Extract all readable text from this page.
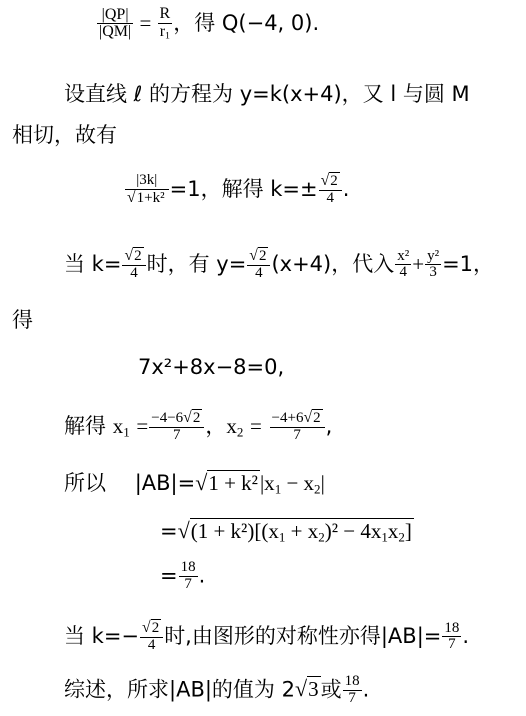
$\frac{|QP|}{|QM|} = \frac{R}{r_1}$ ，得 Q(−4, 0).
设直线 ℓ 的方程为 y=k(x+4)，又 l 与圆 M
相切，故有
$\frac{|3k|}{\text{√1+k²}} =1$，解得 $k=\pm \frac{√2}{4}$ .
当 $k= \frac{√2}{4}$ 时，有 $y= \frac{√2}{4} (x+4)$，代入 $\frac{\text{x²}}{4} + \frac{\text{y²}}{3} =1$，
得
7x²+8x−8=0,
解得 $x_1 = \frac{-4-6√2}{7}$ ，$x_2 = \frac{-4+6√2}{7}$ ,
所以 $|AB|=√1 + k^2|x_1 - x_2|$
$=√(1 + k^2)[(x_1 + x_2)^2 - 4x_1x_2]$
= $\frac{18}{7}$ .
当 $k=- \frac{√2}{4}$ 时,由图形的对称性亦得$|AB|= \frac{18}{7}$ .
综述，所求|AB|的值为 2√3或 $\frac{18}{7}$ .
